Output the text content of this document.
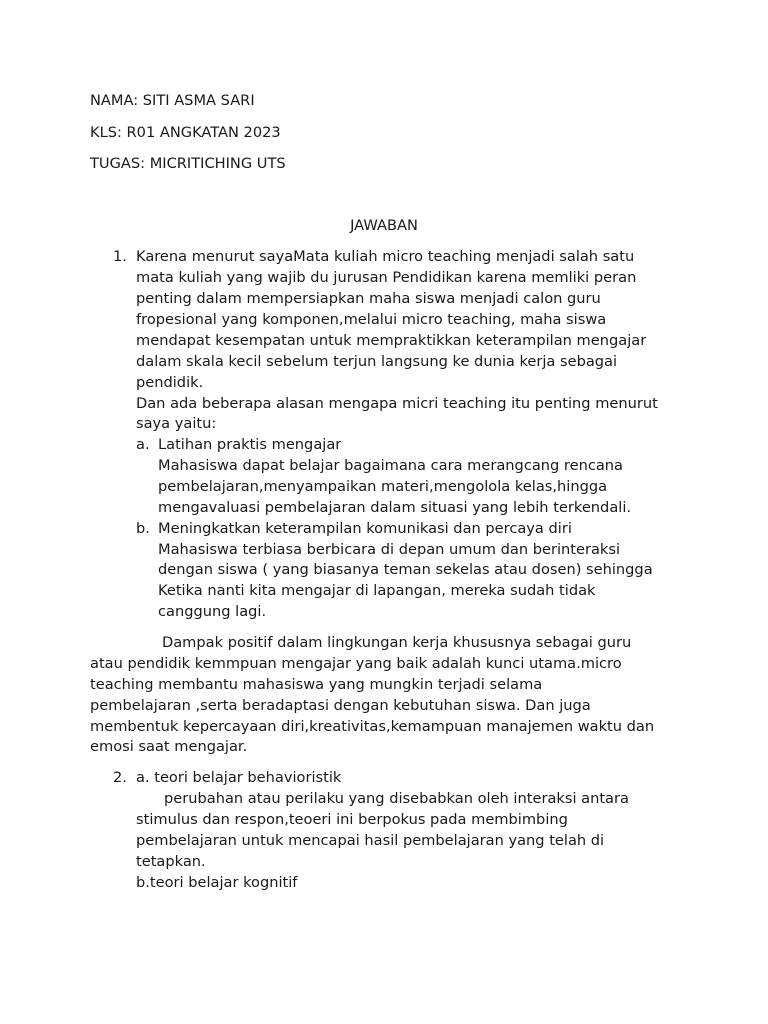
NAMA: SITI ASMA SARI
KLS: R01 ANGKATAN 2023
TUGAS: MICRITICHING UTS
JAWABAN
1. Karena menurut sayaMata kuliah micro teaching menjadi salah satu
mata kuliah yang wajib du jurusan Pendidikan karena memliki peran
penting dalam mempersiapkan maha siswa menjadi calon guru
fropesional yang komponen,melalui micro teaching, maha siswa
mendapat kesempatan untuk mempraktikkan keterampilan mengajar
dalam skala kecil sebelum terjun langsung ke dunia kerja sebagai
pendidik.
Dan ada beberapa alasan mengapa micri teaching itu penting menurut
saya yaitu:
a. Latihan praktis mengajar
Mahasiswa dapat belajar bagaimana cara merangcang rencana
pembelajaran,menyampaikan materi,mengolola kelas,hingga
mengavaluasi pembelajaran dalam situasi yang lebih terkendali.
b. Meningkatkan keterampilan komunikasi dan percaya diri
Mahasiswa terbiasa berbicara di depan umum dan berinteraksi
dengan siswa ( yang biasanya teman sekelas atau dosen) sehingga
Ketika nanti kita mengajar di lapangan, mereka sudah tidak
canggung lagi.
Dampak positif dalam lingkungan kerja khususnya sebagai guru
atau pendidik kemmpuan mengajar yang baik adalah kunci utama.micro
teaching membantu mahasiswa yang mungkin terjadi selama
pembelajaran ,serta beradaptasi dengan kebutuhan siswa. Dan juga
membentuk kepercayaan diri,kreativitas,kemampuan manajemen waktu dan
emosi saat mengajar.
2. a. teori belajar behavioristik
perubahan atau perilaku yang disebabkan oleh interaksi antara
stimulus dan respon,teoeri ini berpokus pada membimbing
pembelajaran untuk mencapai hasil pembelajaran yang telah di
tetapkan.
b.teori belajar kognitif
